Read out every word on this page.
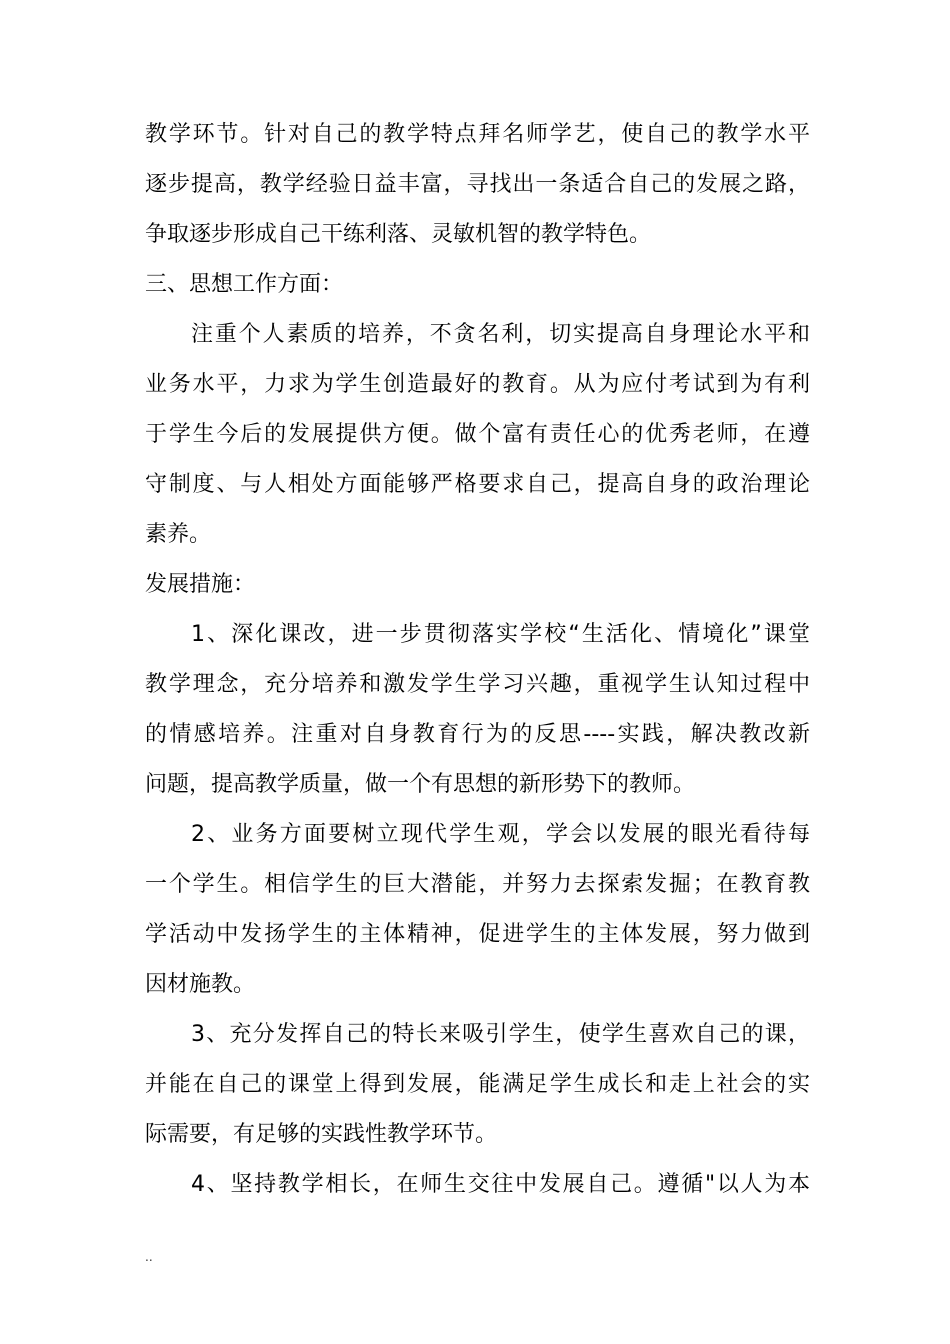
教学环节。针对自己的教学特点拜名师学艺，使自己的教学水平
逐步提高，教学经验日益丰富，寻找出一条适合自己的发展之路，
争取逐步形成自己干练利落、灵敏机智的教学特色。
三、思想工作方面：
注重个人素质的培养，不贪名利，切实提高自身理论水平和
业务水平，力求为学生创造最好的教育。从为应付考试到为有利
于学生今后的发展提供方便。做个富有责任心的优秀老师，在遵
守制度、与人相处方面能够严格要求自己，提高自身的政治理论
素养。
发展措施：
1、深化课改，进一步贯彻落实学校“生活化、情境化”课堂
教学理念，充分培养和激发学生学习兴趣，重视学生认知过程中
的情感培养。注重对自身教育行为的反思----实践，解决教改新
问题，提高教学质量，做一个有思想的新形势下的教师。
2、业务方面要树立现代学生观，学会以发展的眼光看待每
一个学生。相信学生的巨大潜能，并努力去探索发掘；在教育教
学活动中发扬学生的主体精神，促进学生的主体发展，努力做到
因材施教。
3、充分发挥自己的特长来吸引学生，使学生喜欢自己的课，
并能在自己的课堂上得到发展，能满足学生成长和走上社会的实
际需要，有足够的实践性教学环节。
4、坚持教学相长，在师生交往中发展自己。遵循"以人为本
..
